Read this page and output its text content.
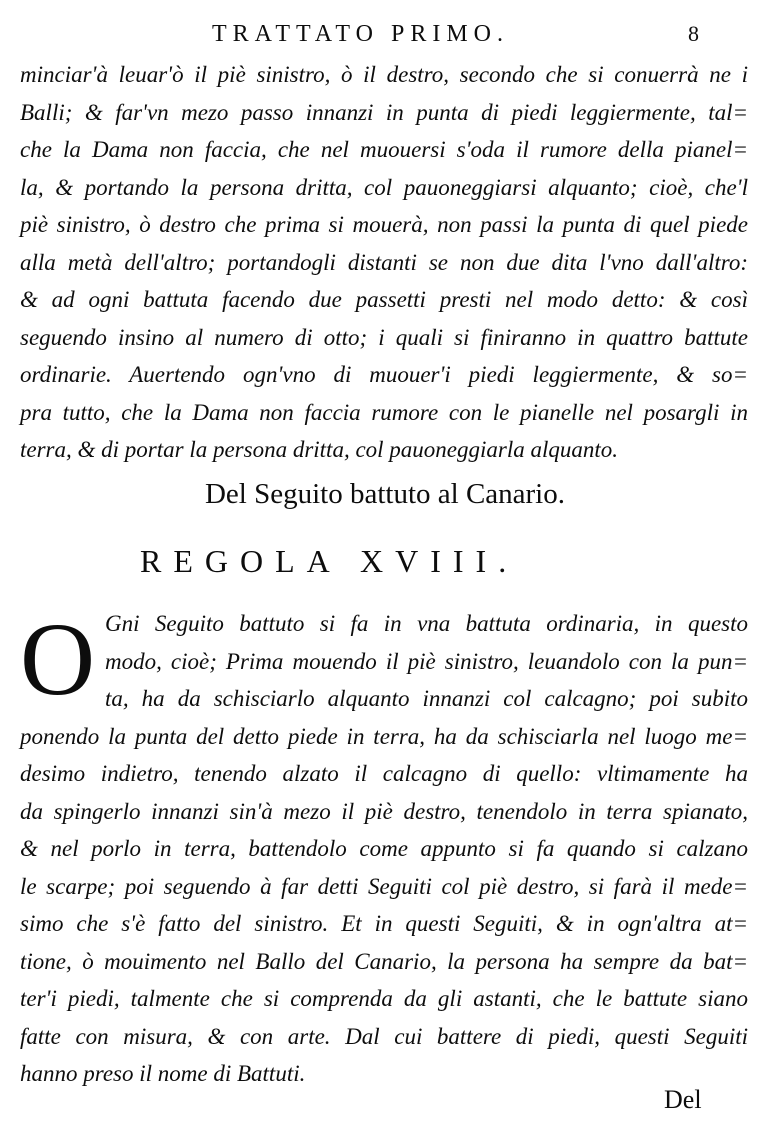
TRATTATO PRIMO.	8
minciar'à leuar'ò il piè sinistro, ò il destro, secondo che si conuerrà ne i
Balli; & far'vn mezo passo innanzi in punta di piedi leggiermente, tal=
che la Dama non faccia, che nel muouersi s'oda il rumore della pianel=
la, & portando la persona dritta, col pauoneggiarsi alquanto; cioè, che'l
piè sinistro, ò destro che prima si mouerà, non passi la punta di quel piede
alla metà dell'altro; portandogli distanti se non due dita l'vno dall'altro:
& ad ogni battuta facendo due passetti presti nel modo detto: & così
seguendo insino al numero di otto; i quali si finiranno in quattro battute
ordinarie. Auertendo ogn'vno di muouer'i piedi leggiermente, & so=
pra tutto, che la Dama non faccia rumore con le pianelle nel posargli in
terra, & di portar la persona dritta, col pauoneggiarla alquanto.
Del Seguito battuto al Canario.
REGOLA XVIII.
O Gni Seguito battuto si fa in vna battuta ordinaria, in questo
modo, cioè; Prima mouendo il piè sinistro, leuandolo con la pun=
ta, ha da schisciarlo alquanto innanzi col calcagno; poi subito
ponendo la punta del detto piede in terra, ha da schisciarla nel luogo me=
desimo indietro, tenendo alzato il calcagno di quello: vltimamente ha
da spingerlo innanzi sin'à mezo il piè destro, tenendolo in terra spianato,
& nel porlo in terra, battendolo come appunto si fa quando si calzano
le scarpe; poi seguendo à far detti Seguiti col piè destro, si farà il mede=
simo che s'è fatto del sinistro. Et in questi Seguiti, & in ogn'altra at=
tione, ò mouimento nel Ballo del Canario, la persona ha sempre da bat=
ter'i piedi, talmente che si comprenda da gli astanti, che le battute siano
fatte con misura, & con arte. Dal cui battere di piedi, questi Seguiti
hanno preso il nome di Battuti.
Del
